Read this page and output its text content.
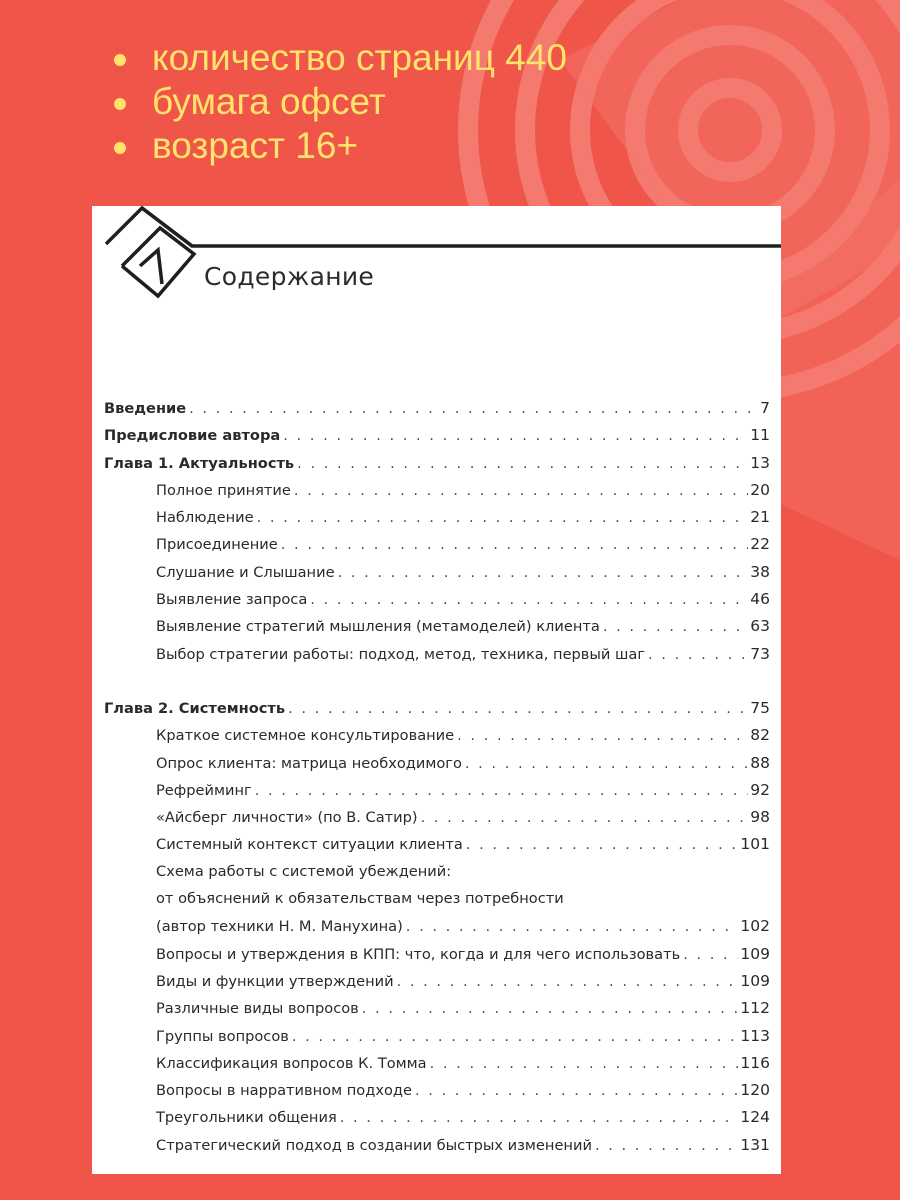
количество страниц 440
бумага офсет
возраст 16+
Содержание
Введение . . .	7
Предисловие автора . . .	11
Глава 1. Актуальность . . .	13
Полное принятие . . .	20
Наблюдение . . .	21
Присоединение . . .	22
Слушание и Слышание . . .	38
Выявление запроса . . .	46
Выявление стратегий мышления (метамоделей) клиента . . .	63
Выбор стратегии работы: подход, метод, техника, первый шаг . . .	73
Глава 2. Системность . . .	75
Краткое системное консультирование . . .	82
Опрос клиента: матрица необходимого . . .	88
Рефрейминг . . .	92
«Айсберг личности» (по В. Сатир) . . .	98
Системный контекст ситуации клиента . . .	101
Схема работы с системой убеждений:
от объяснений к обязательствам через потребности
(автор техники Н. М. Манухина) . . .	102
Вопросы и утверждения в КПП: что, когда и для чего использовать . . .	109
Виды и функции утверждений . . .	109
Различные виды вопросов . . .	112
Группы вопросов . . .	113
Классификация вопросов К. Томма . . .	116
Вопросы в нарративном подходе . . .	120
Треугольники общения . . .	124
Стратегический подход в создании быстрых изменений . . .	131
